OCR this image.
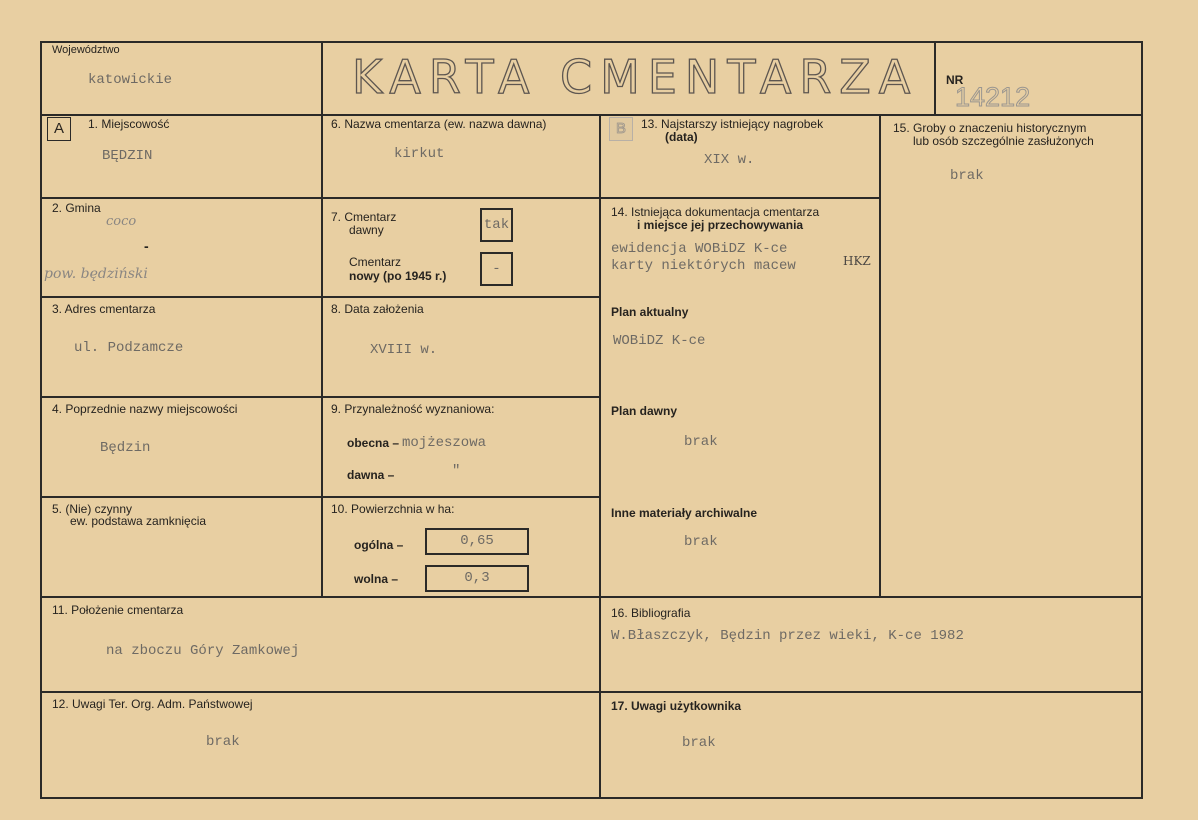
Województwo
katowickie	KARTA CMENTARZA NR
14212
A	B
1. Miejscowość
BĘDZIN
2. Gmina
coco
-
pow. będziński
3. Adres cmentarza
ul. Podzamcze
4. Poprzednie nazwy miejscowości
Będzin
5. (Nie) czynny
ew. podstawa zamknięcia
6. Nazwa cmentarza (ew. nazwa dawna)
kirkut
7. Cmentarz
dawny	tak
Cmentarz
nowy (po 1945 r.)	-
8. Data założenia
XVIII w.
9. Przynależność wyznaniowa:
obecna – mojżeszowa
dawna –	"
10. Powierzchnia w ha:
ogólna –	0,65
wolna –	0,3
13. Najstarszy istniejący nagrobek
(data)
XIX w.
14. Istniejąca dokumentacja cmentarza
i miejsce jej przechowywania
ewidencja WOBiDZ K-ce
karty niektórych macew	HKZ
Plan aktualny
WOBiDZ K-ce
Plan dawny
brak
Inne materiały archiwalne
brak
15. Groby o znaczeniu historycznym
lub osób szczególnie zasłużonych
brak
11. Położenie cmentarza
na zboczu Góry Zamkowej
16. Bibliografia
W.Błaszczyk, Będzin przez wieki, K-ce 1982
12. Uwagi Ter. Org. Adm. Państwowej
brak
17. Uwagi użytkownika
brak
